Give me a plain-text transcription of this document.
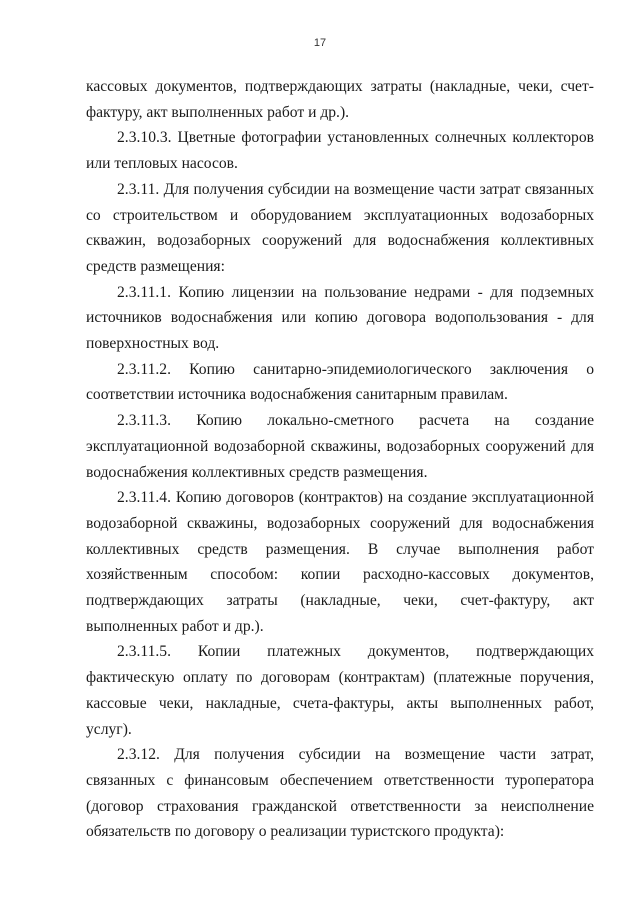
17

кассовых документов, подтверждающих затраты (накладные, чеки, счет-фактуру, акт выполненных работ и др.).

2.3.10.3. Цветные фотографии установленных солнечных коллекторов или тепловых насосов.

2.3.11. Для получения субсидии на возмещение части затрат связанных со строительством и оборудованием эксплуатационных водозаборных скважин, водозаборных сооружений для водоснабжения коллективных средств размещения:

2.3.11.1. Копию лицензии на пользование недрами - для подземных источников водоснабжения или копию договора водопользования - для поверхностных вод.

2.3.11.2. Копию санитарно-эпидемиологического заключения о соответствии источника водоснабжения санитарным правилам.

2.3.11.3. Копию локально-сметного расчета на создание эксплуатационной водозаборной скважины, водозаборных сооружений для водоснабжения коллективных средств размещения.

2.3.11.4. Копию договоров (контрактов) на создание эксплуатационной водозаборной скважины, водозаборных сооружений для водоснабжения коллективных средств размещения. В случае выполнения работ хозяйственным способом: копии расходно-кассовых документов, подтверждающих затраты (накладные, чеки, счет-фактуру, акт выполненных работ и др.).

2.3.11.5. Копии платежных документов, подтверждающих фактическую оплату по договорам (контрактам) (платежные поручения, кассовые чеки, накладные, счета-фактуры, акты выполненных работ, услуг).

2.3.12. Для получения субсидии на возмещение части затрат, связанных с финансовым обеспечением ответственности туроператора (договор страхования гражданской ответственности за неисполнение обязательств по договору о реализации туристского продукта):
